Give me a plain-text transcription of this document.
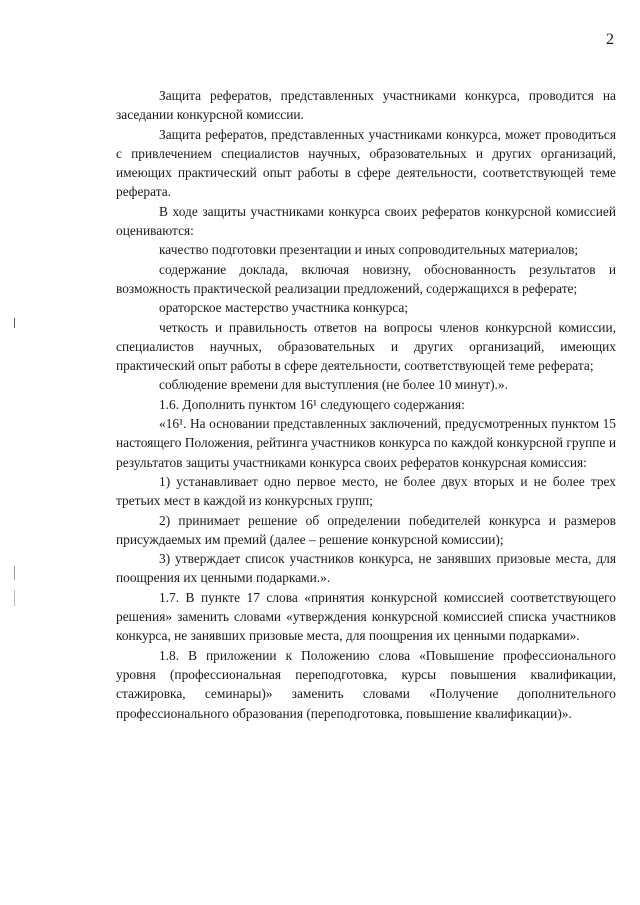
2

Защита рефератов, представленных участниками конкурса, проводится на заседании конкурсной комиссии.

Защита рефератов, представленных участниками конкурса, может проводиться с привлечением специалистов научных, образовательных и других организаций, имеющих практический опыт работы в сфере деятельности, соответствующей теме реферата.

В ходе защиты участниками конкурса своих рефератов конкурсной комиссией оцениваются:

качество подготовки презентации и иных сопроводительных материалов;

содержание доклада, включая новизну, обоснованность результатов и возможность практической реализации предложений, содержащихся в реферате;

ораторское мастерство участника конкурса;

четкость и правильность ответов на вопросы членов конкурсной комиссии, специалистов научных, образовательных и других организаций, имеющих практический опыт работы в сфере деятельности, соответствующей теме реферата;

соблюдение времени для выступления (не более 10 минут).».

1.6. Дополнить пунктом 16¹ следующего содержания:

«16¹. На основании представленных заключений, предусмотренных пунктом 15 настоящего Положения, рейтинга участников конкурса по каждой конкурсной группе и результатов защиты участниками конкурса своих рефератов конкурсная комиссия:

1) устанавливает одно первое место, не более двух вторых и не более трех третьих мест в каждой из конкурсных групп;

2) принимает решение об определении победителей конкурса и размеров присуждаемых им премий (далее – решение конкурсной комиссии);

3) утверждает список участников конкурса, не занявших призовые места, для поощрения их ценными подарками.».

1.7. В пункте 17 слова «принятия конкурсной комиссией соответствующего решения» заменить словами «утверждения конкурсной комиссией списка участников конкурса, не занявших призовые места, для поощрения их ценными подарками».

1.8. В приложении к Положению слова «Повышение профессионального уровня (профессиональная переподготовка, курсы повышения квалификации, стажировка, семинары)» заменить словами «Получение дополнительного профессионального образования (переподготовка, повышение квалификации)».
